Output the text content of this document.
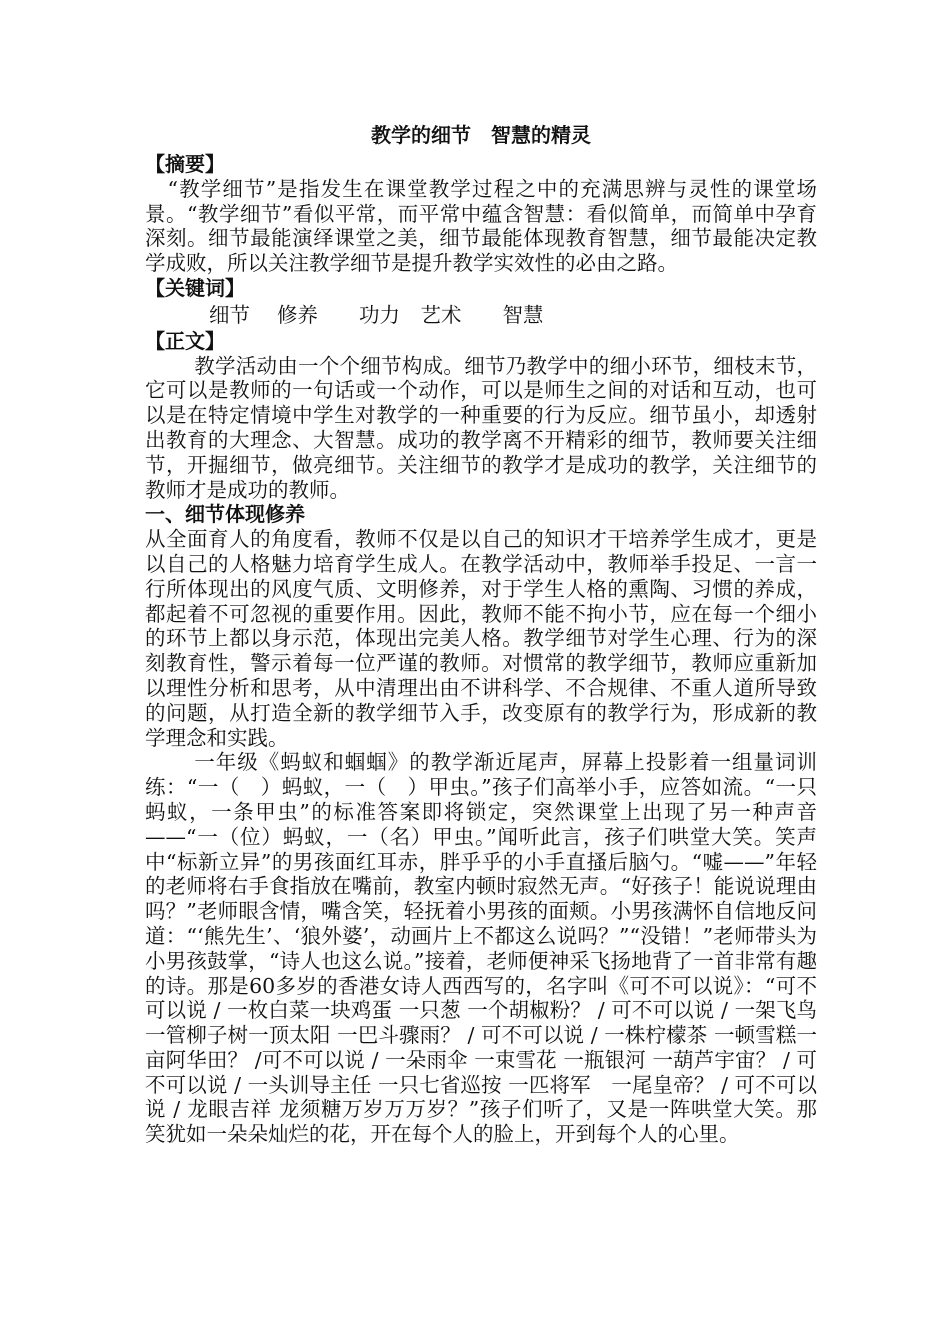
教学的细节　智慧的精灵
【摘要】

“教学细节”是指发生在课堂教学过程之中的充满思辨与灵性的课堂场景。“教学细节”看似平常，而平常中蕴含智慧：看似简单，而简单中孕育深刻。细节最能演绎课堂之美，细节最能体现教育智慧，细节最能决定教学成败，所以关注教学细节是提升教学实效性的必由之路。

【关键词】

细节　 修养　　功力　艺术　　智慧

【正文】

教学活动由一个个细节构成。细节乃教学中的细小环节，细枝末节，它可以是教师的一句话或一个动作，可以是师生之间的对话和互动，也可以是在特定情境中学生对教学的一种重要的行为反应。细节虽小，却透射出教育的大理念、大智慧。成功的教学离不开精彩的细节，教师要关注细节，开掘细节，做亮细节。关注细节的教学才是成功的教学，关注细节的教师才是成功的教师。

一、细节体现修养

从全面育人的角度看，教师不仅是以自己的知识才干培养学生成才，更是以自己的人格魅力培育学生成人。在教学活动中，教师举手投足、一言一行所体现出的风度气质、文明修养，对于学生人格的熏陶、习惯的养成，都起着不可忽视的重要作用。因此，教师不能不拘小节，应在每一个细小的环节上都以身示范，体现出完美人格。教学细节对学生心理、行为的深刻教育性，警示着每一位严谨的教师。对惯常的教学细节，教师应重新加以理性分析和思考，从中清理出由不讲科学、不合规律、不重人道所导致的问题，从打造全新的教学细节入手，改变原有的教学行为，形成新的教学理念和实践。

一年级《蚂蚁和蝈蝈》的教学渐近尾声，屏幕上投影着一组量词训练：“一（　）蚂蚁，一（　）甲虫。”孩子们高举小手，应答如流。“一只蚂蚁，一条甲虫”的标准答案即将锁定，突然课堂上出现了另一种声音——“一（位）蚂蚁，一（名）甲虫。”闻听此言，孩子们哄堂大笑。笑声中“标新立异”的男孩面红耳赤，胖乎乎的小手直搔后脑勺。“嘘——”年轻的老师将右手食指放在嘴前，教室内顿时寂然无声。“好孩子！能说说理由吗？”老师眼含情，嘴含笑，轻抚着小男孩的面颊。小男孩满怀自信地反问道：“‘熊先生’、‘狼外婆’，动画片上不都这么说吗？”“没错！”老师带头为小男孩鼓掌，“诗人也这么说。”接着，老师便神采飞扬地背了一首非常有趣的诗。那是60多岁的香港女诗人西西写的，名字叫《可不可以说》：“可不可以说 / 一枚白菜一块鸡蛋 一只葱 一个胡椒粉？ / 可不可以说 / 一架飞鸟 一管柳子树一顶太阳 一巴斗骤雨？ / 可不可以说 / 一株柠檬茶 一顿雪糕一亩阿华田？ /可不可以说 / 一朵雨伞 一束雪花 一瓶银河 一葫芦宇宙？ / 可不可以说 / 一头训导主任 一只七省巡按 一匹将军　一尾皇帝？ / 可不可以说 / 龙眼吉祥 龙须糖万岁万万岁？”孩子们听了，又是一阵哄堂大笑。那笑犹如一朵朵灿烂的花，开在每个人的脸上，开到每个人的心里。
